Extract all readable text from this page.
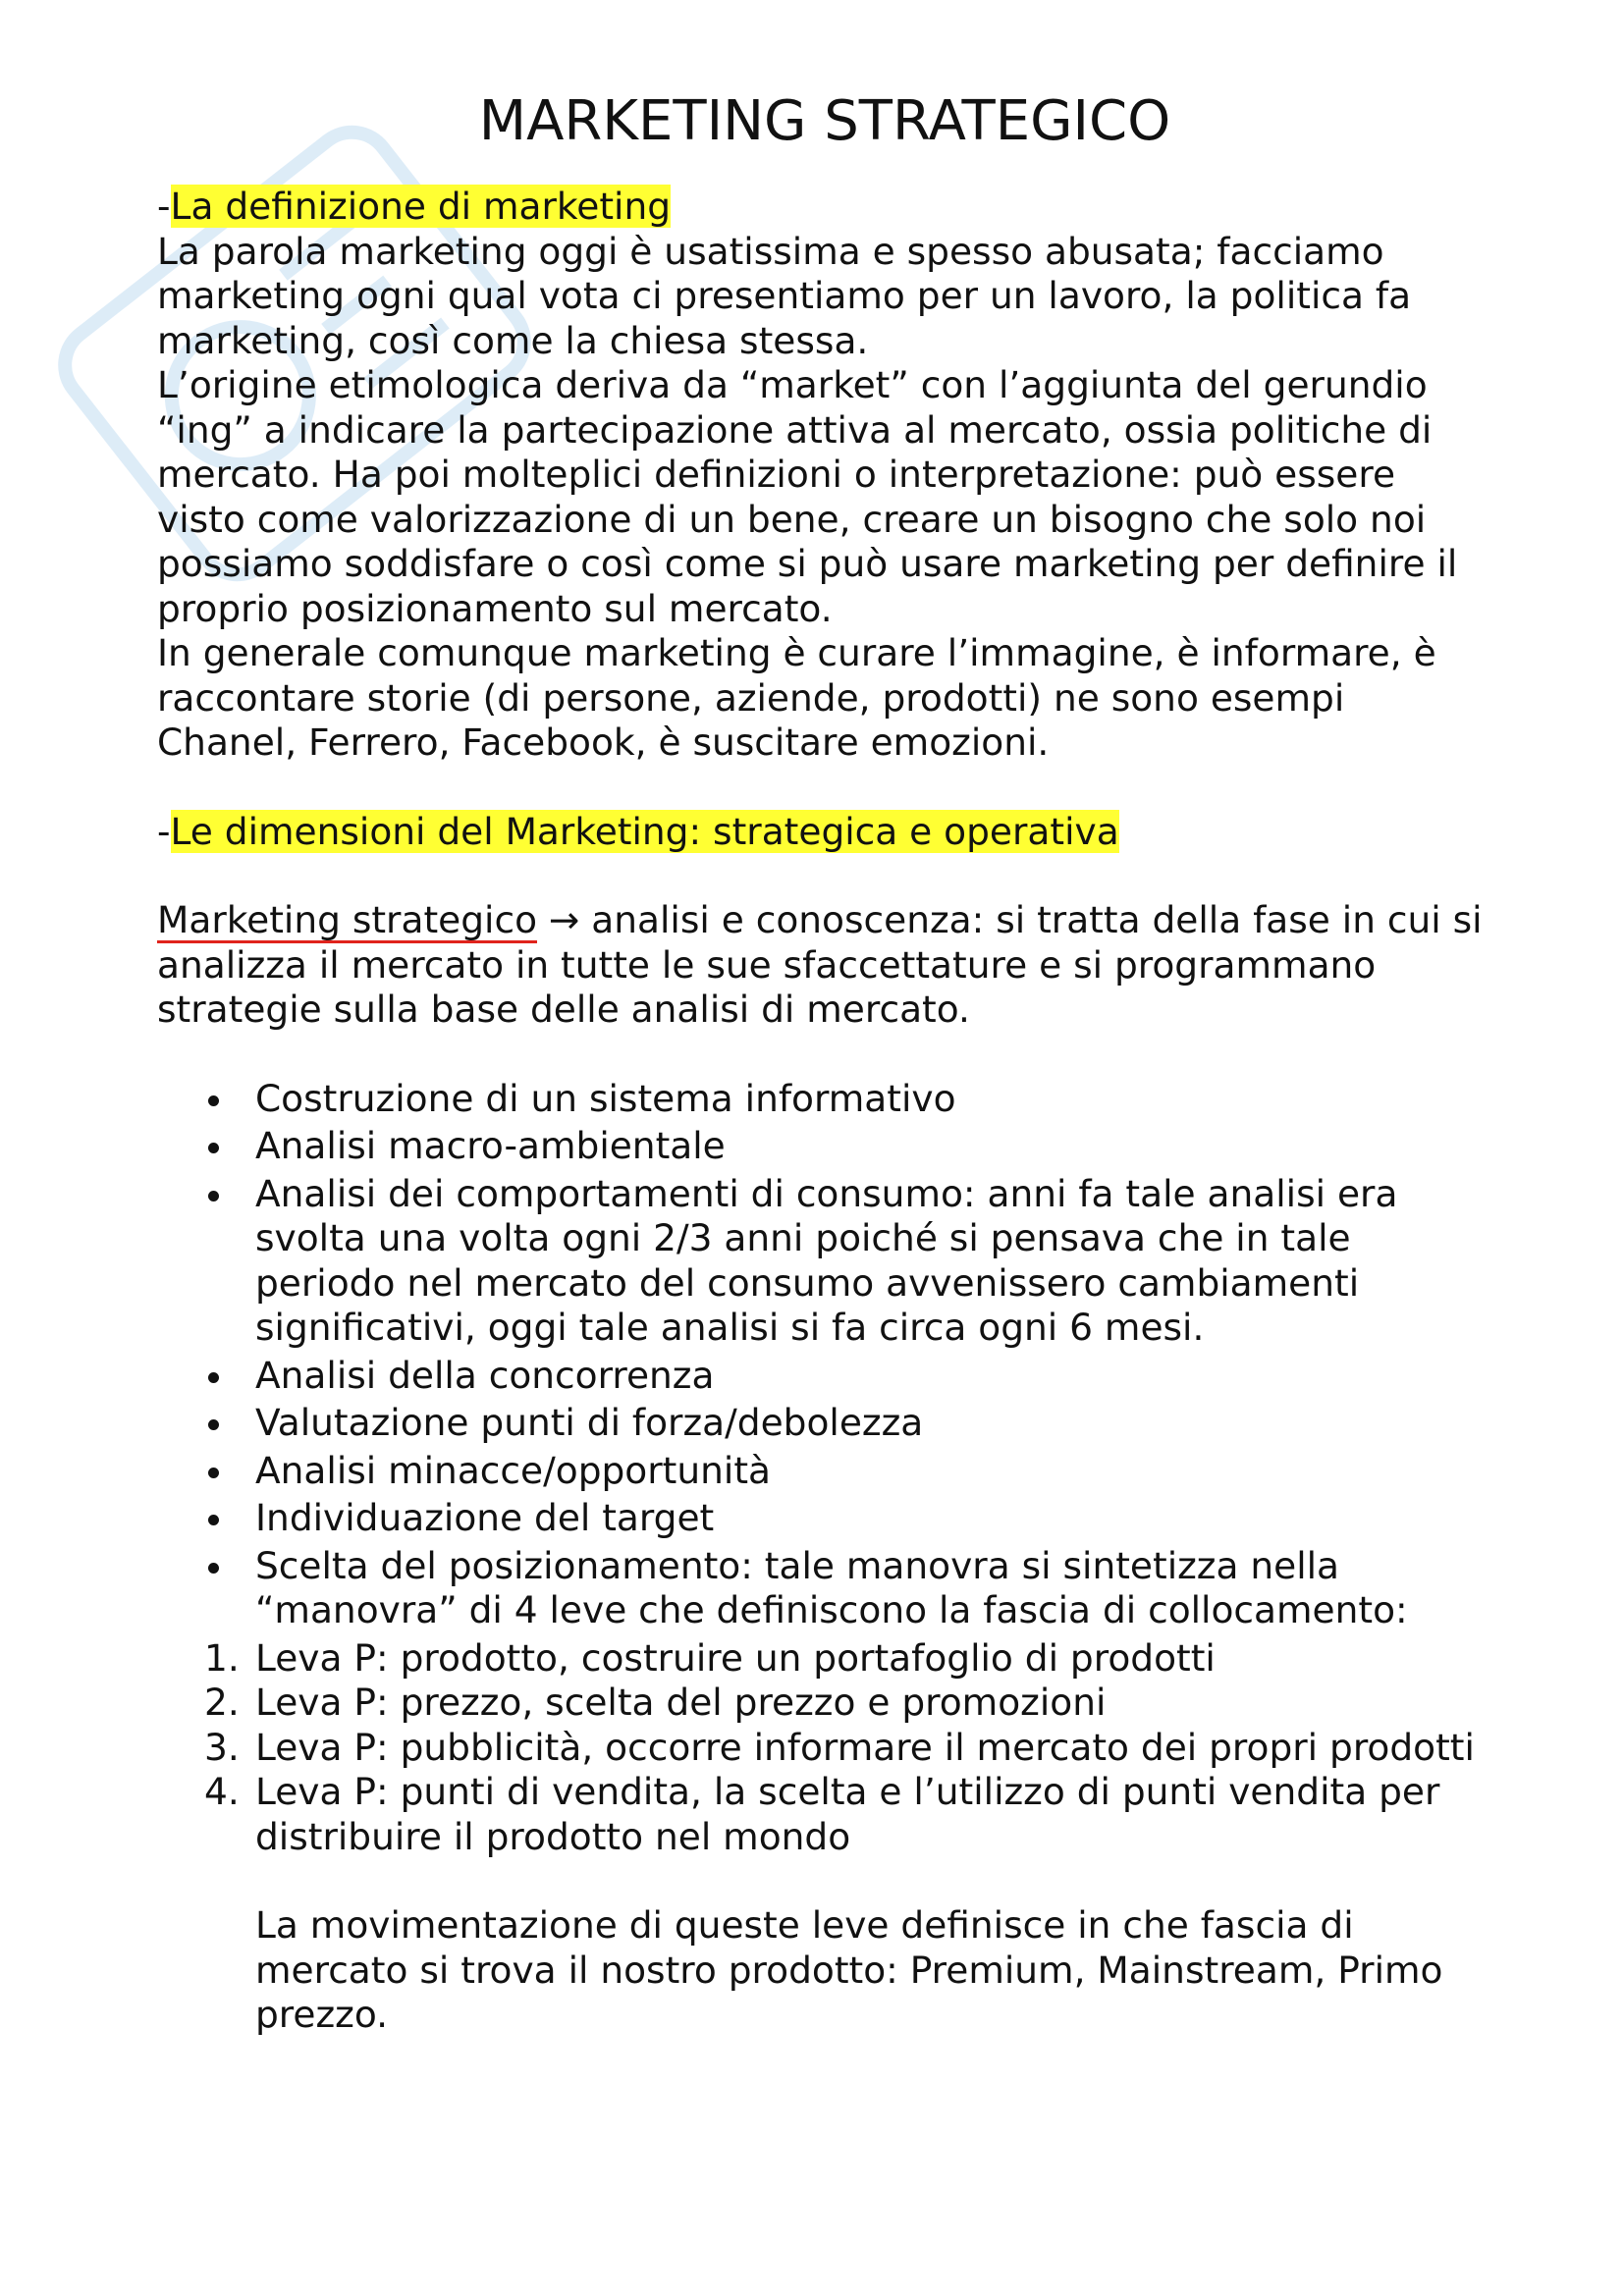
MARKETING STRATEGICO

-La definizione di marketing

La parola marketing oggi è usatissima e spesso abusata; facciamo marketing ogni qual vota ci presentiamo per un lavoro, la politica fa marketing, così come la chiesa stessa.

L’origine etimologica deriva da “market” con l’aggiunta del gerundio “ing” a indicare la partecipazione attiva al mercato, ossia politiche di mercato. Ha poi molteplici definizioni o interpretazione: può essere visto come valorizzazione di un bene, creare un bisogno che solo noi possiamo soddisfare o così come si può usare marketing per definire il proprio posizionamento sul mercato.

In generale comunque marketing è curare l’immagine, è informare, è raccontare storie (di persone, aziende, prodotti) ne sono esempi Chanel, Ferrero, Facebook, è suscitare emozioni.

-Le dimensioni del Marketing: strategica e operativa

Marketing strategico → analisi e conoscenza: si tratta della fase in cui si analizza il mercato in tutte le sue sfaccettature e si programmano strategie sulla base delle analisi di mercato.

Costruzione di un sistema informativo
Analisi macro-ambientale
Analisi dei comportamenti di consumo: anni fa tale analisi era svolta una volta ogni 2/3 anni poiché si pensava che in tale periodo nel mercato del consumo avvenissero cambiamenti significativi, oggi tale analisi si fa circa ogni 6 mesi.
Analisi della concorrenza
Valutazione punti di forza/debolezza
Analisi minacce/opportunità
Individuazione del target
Scelta del posizionamento: tale manovra si sintetizza nella “manovra” di 4 leve che definiscono la fascia di collocamento:
1. Leva P: prodotto, costruire un portafoglio di prodotti
2. Leva P: prezzo, scelta del prezzo e promozioni
3. Leva P: pubblicità, occorre informare il mercato dei propri prodotti
4. Leva P: punti di vendita, la scelta e l’utilizzo di punti vendita per distribuire il prodotto nel mondo

La movimentazione di queste leve definisce in che fascia di mercato si trova il nostro prodotto: Premium, Mainstream, Primo prezzo.
